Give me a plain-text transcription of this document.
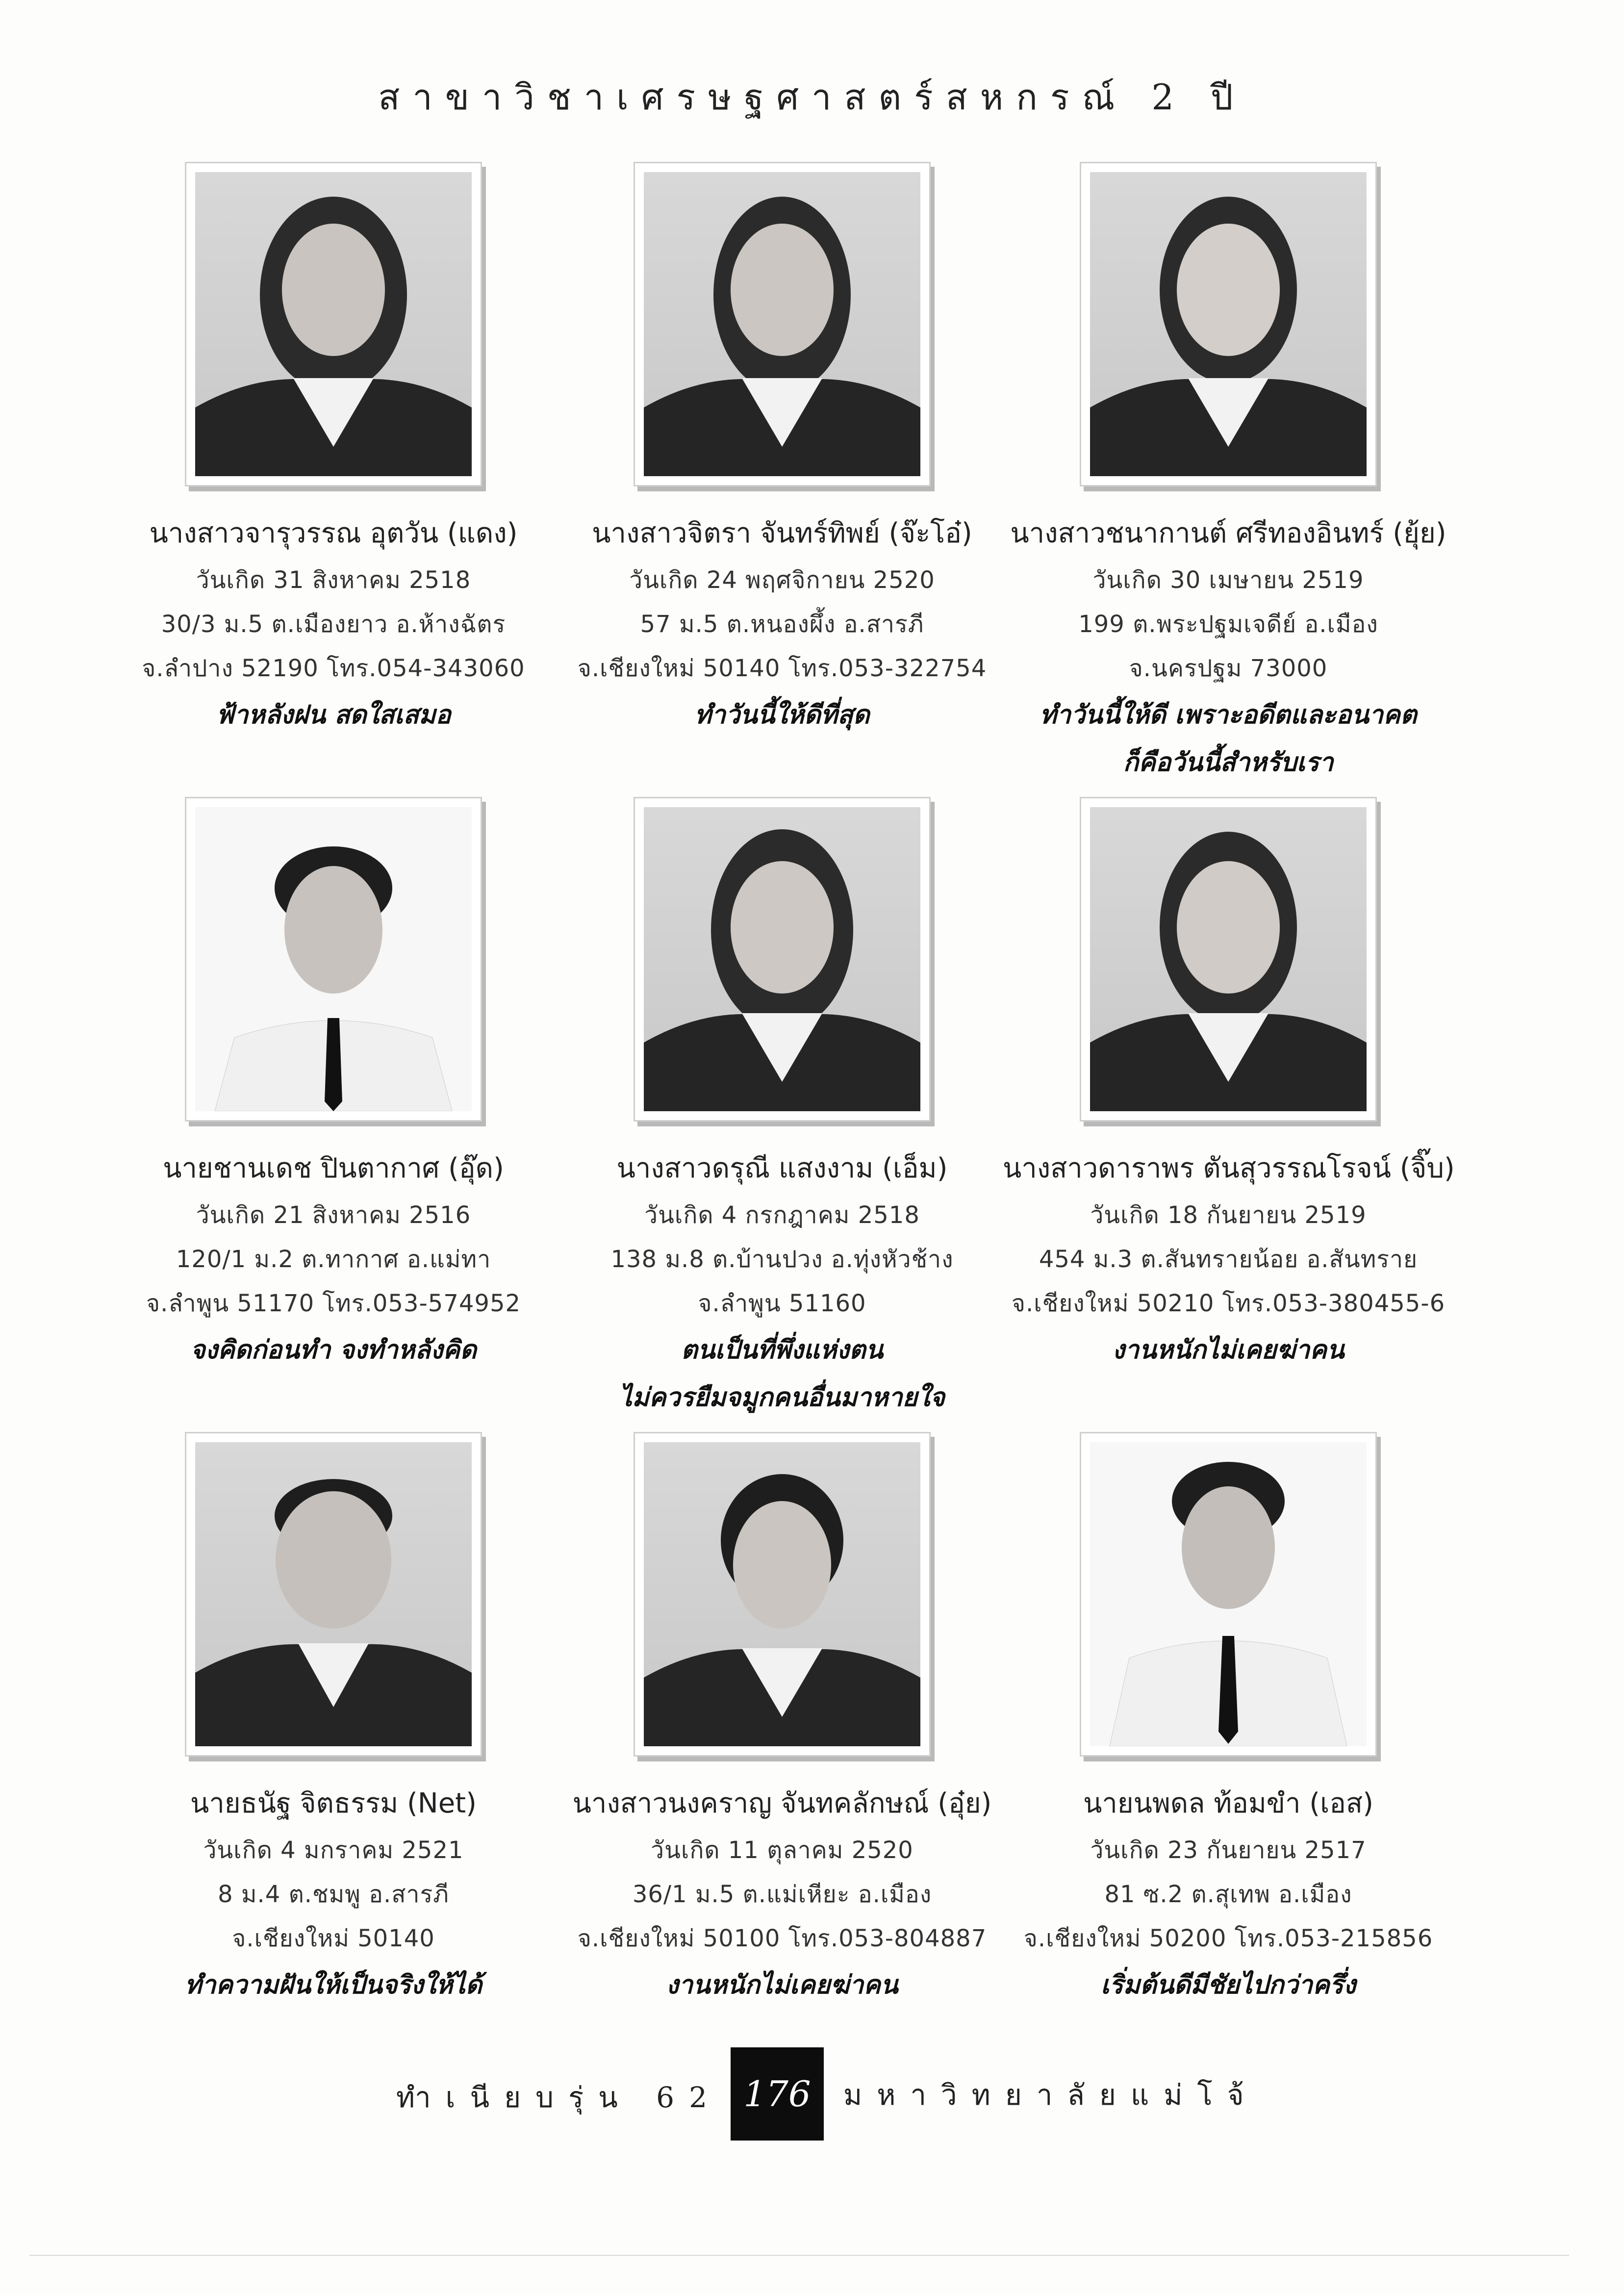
สาขาวิชาเศรษฐศาสตร์สหกรณ์ 2 ปี
นางสาวจารุวรรณ อุตวัน (แดง)
วันเกิด 31 สิงหาคม 2518
30/3 ม.5 ต.เมืองยาว อ.ห้างฉัตร
จ.ลำปาง 52190 โทร.054-343060
ฟ้าหลังฝน สดใสเสมอ
นางสาวจิตรา จันทร์ทิพย์ (จ๊ะโอ๋)
วันเกิด 24 พฤศจิกายน 2520
57 ม.5 ต.หนองผึ้ง อ.สารภี
จ.เชียงใหม่ 50140 โทร.053-322754
ทำวันนี้ให้ดีที่สุด
นางสาวชนากานต์ ศรีทองอินทร์ (ยุ้ย)
วันเกิด 30 เมษายน 2519
199 ต.พระปฐมเจดีย์ อ.เมือง
จ.นครปฐม 73000
ทำวันนี้ให้ดี เพราะอดีตและอนาคต
ก็คือวันนี้สำหรับเรา
นายชานเดช ปินตากาศ (อุ๊ด)
วันเกิด 21 สิงหาคม 2516
120/1 ม.2 ต.ทากาศ อ.แม่ทา
จ.ลำพูน 51170 โทร.053-574952
จงคิดก่อนทำ จงทำหลังคิด
นางสาวดรุณี แสงงาม (เอ็ม)
วันเกิด 4 กรกฎาคม 2518
138 ม.8 ต.บ้านปวง อ.ทุ่งหัวช้าง
จ.ลำพูน 51160
ตนเป็นที่พึ่งแห่งตน
ไม่ควรยืมจมูกคนอื่นมาหายใจ
นางสาวดาราพร ตันสุวรรณโรจน์ (จิ๊บ)
วันเกิด 18 กันยายน 2519
454 ม.3 ต.สันทรายน้อย อ.สันทราย
จ.เชียงใหม่ 50210 โทร.053-380455-6
งานหนักไม่เคยฆ่าคน
นายธนัฐ จิตธรรม (Net)
วันเกิด 4 มกราคม 2521
8 ม.4 ต.ชมพู อ.สารภี
จ.เชียงใหม่ 50140
ทำความฝันให้เป็นจริงให้ได้
นางสาวนงคราญ จันทคลักษณ์ (อุ๋ย)
วันเกิด 11 ตุลาคม 2520
36/1 ม.5 ต.แม่เหียะ อ.เมือง
จ.เชียงใหม่ 50100 โทร.053-804887
งานหนักไม่เคยฆ่าคน
นายนพดล ท้อมขำ (เอส)
วันเกิด 23 กันยายน 2517
81 ซ.2 ต.สุเทพ อ.เมือง
จ.เชียงใหม่ 50200 โทร.053-215856
เริ่มต้นดีมีชัยไปกว่าครึ่ง
ทำเนียบรุ่น 62 176	มหาวิทยาลัยแม่โจ้
